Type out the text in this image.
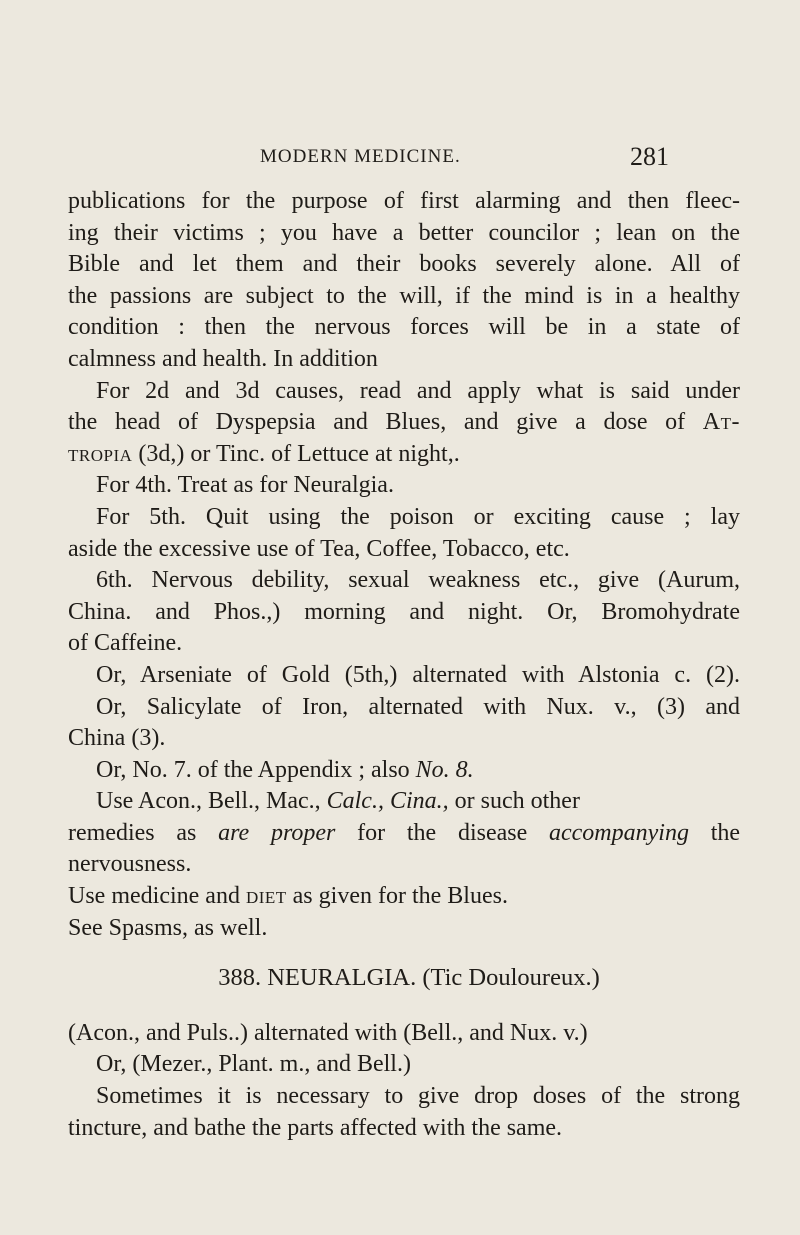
MODERN MEDICINE.	281
publications for the purpose of first alarming and then fleec-
ing their victims ; you have a better councilor ; lean on the
Bible and let them and their books severely alone. All of
the passions are subject to the will, if the mind is in a healthy
condition : then the nervous forces will be in a state of
calmness and health. In addition
For 2d and 3d causes, read and apply what is said under
the head of Dyspepsia and Blues, and give a dose of At-
tropia (3d,) or Tinc. of Lettuce at night,.
For 4th. Treat as for Neuralgia.
For 5th. Quit using the poison or exciting cause ; lay
aside the excessive use of Tea, Coffee, Tobacco, etc.
6th. Nervous debility, sexual weakness etc., give (Aurum,
China. and Phos.,) morning and night. Or, Bromohydrate
of Caffeine.
Or, Arseniate of Gold (5th,) alternated with Alstonia c. (2).
Or, Salicylate of Iron, alternated with Nux. v., (3) and
China (3).
Or, No. 7. of the Appendix ; also No. 8.
Use Acon., Bell., Mac., Calc., Cina., or such other
remedies as are proper for the disease accompanying the
nervousness.
Use medicine and diet as given for the Blues.
See Spasms, as well.
388. NEURALGIA. (Tic Douloureux.)
(Acon., and Puls..) alternated with (Bell., and Nux. v.)
Or, (Mezer., Plant. m., and Bell.)
Sometimes it is necessary to give drop doses of the strong
tincture, and bathe the parts affected with the same.
